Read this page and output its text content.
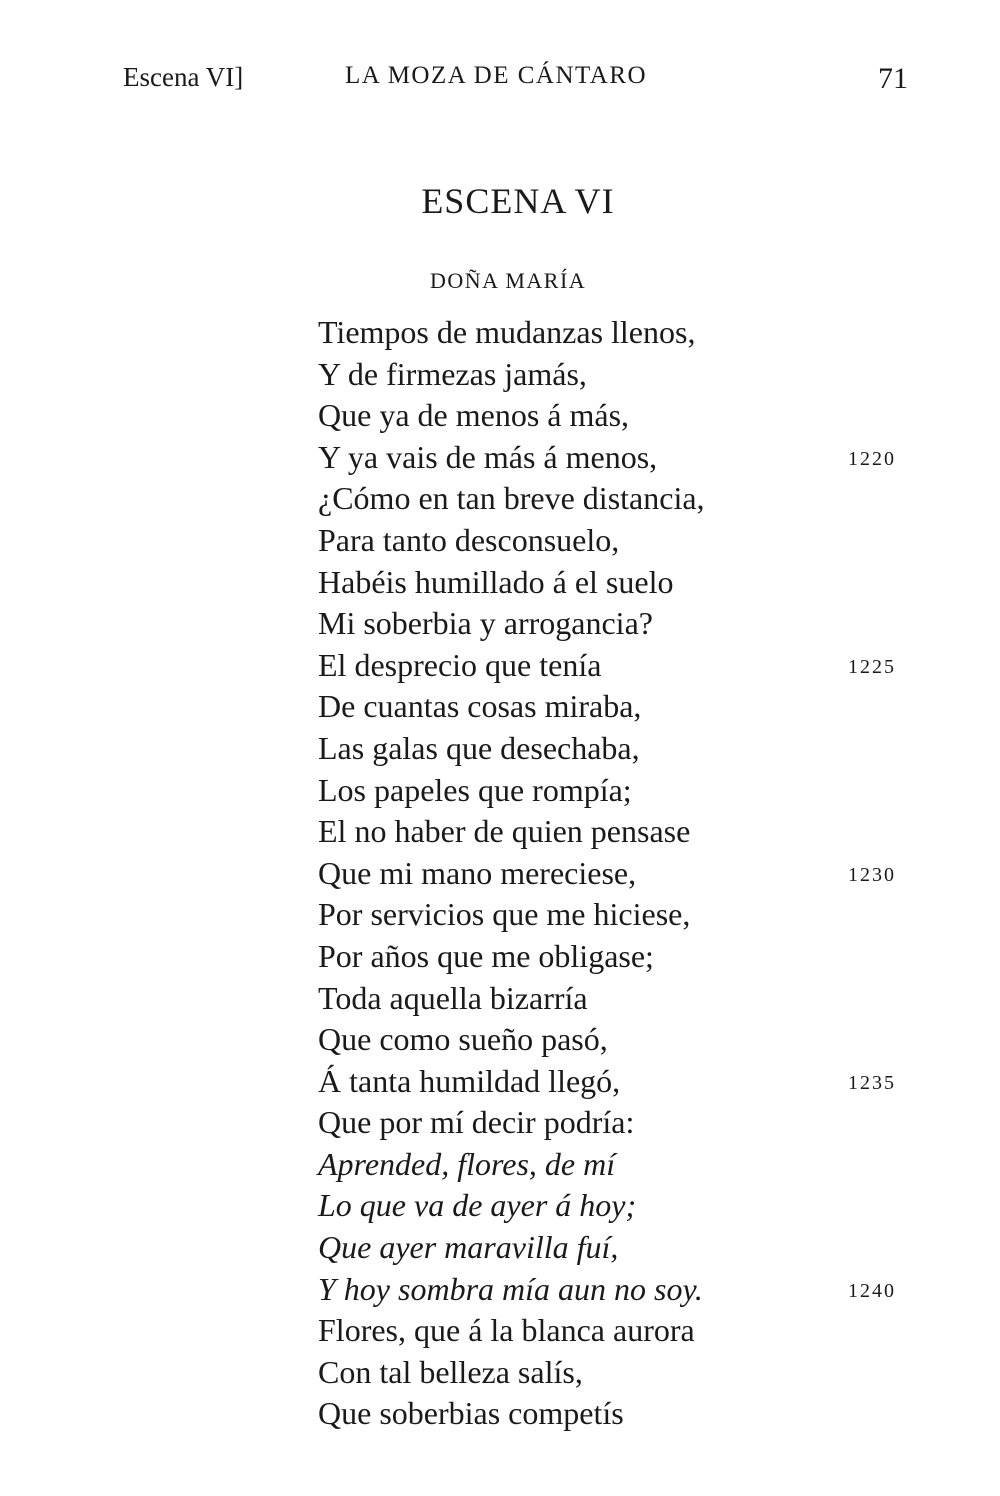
Escena VI]	LA MOZA DE CÁNTARO	71
ESCENA VI
DOÑA MARÍA
Tiempos de mudanzas llenos,
Y de firmezas jamás,
Que ya de menos á más,
Y ya vais de más á menos,	1220
¿Cómo en tan breve distancia,
Para tanto desconsuelo,
Habéis humillado á el suelo
Mi soberbia y arrogancia?
El desprecio que tenía	1225
De cuantas cosas miraba,
Las galas que desechaba,
Los papeles que rompía;
El no haber de quien pensase
Que mi mano mereciese,	1230
Por servicios que me hiciese,
Por años que me obligase;
Toda aquella bizarría
Que como sueño pasó,
Á tanta humildad llegó,	1235
Que por mí decir podría:
Aprended, flores, de mí
Lo que va de ayer á hoy;
Que ayer maravilla fuí,
Y hoy sombra mía aun no soy.	1240
Flores, que á la blanca aurora
Con tal belleza salís,
Que soberbias competís
